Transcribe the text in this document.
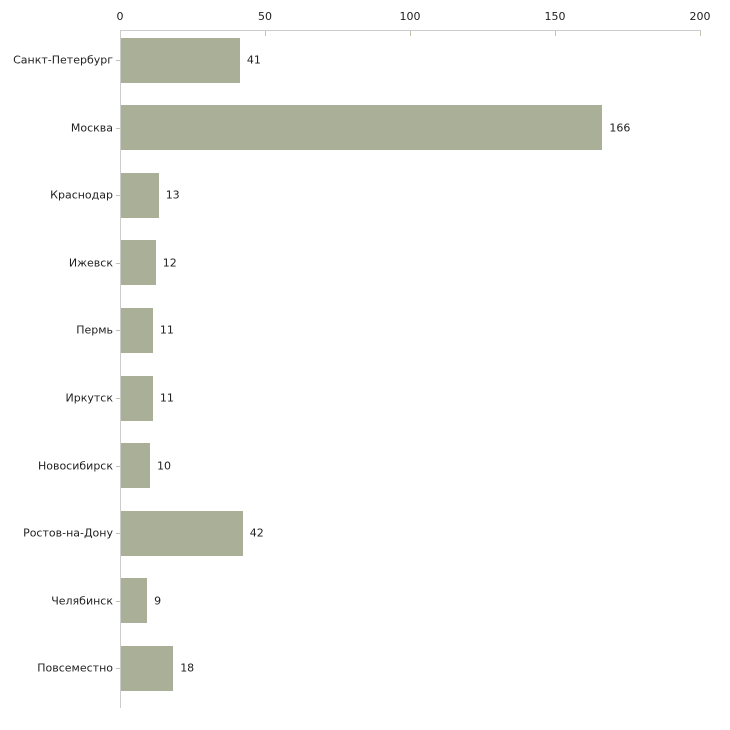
0	50	100	150	200
Санкт-Петербург	41
Москва	166
Краснодар	13
Ижевск	12
Пермь	11
Иркутск	11
Новосибирск	10
Ростов-на-Дону	42
Челябинск	9
Повсеместно	18
